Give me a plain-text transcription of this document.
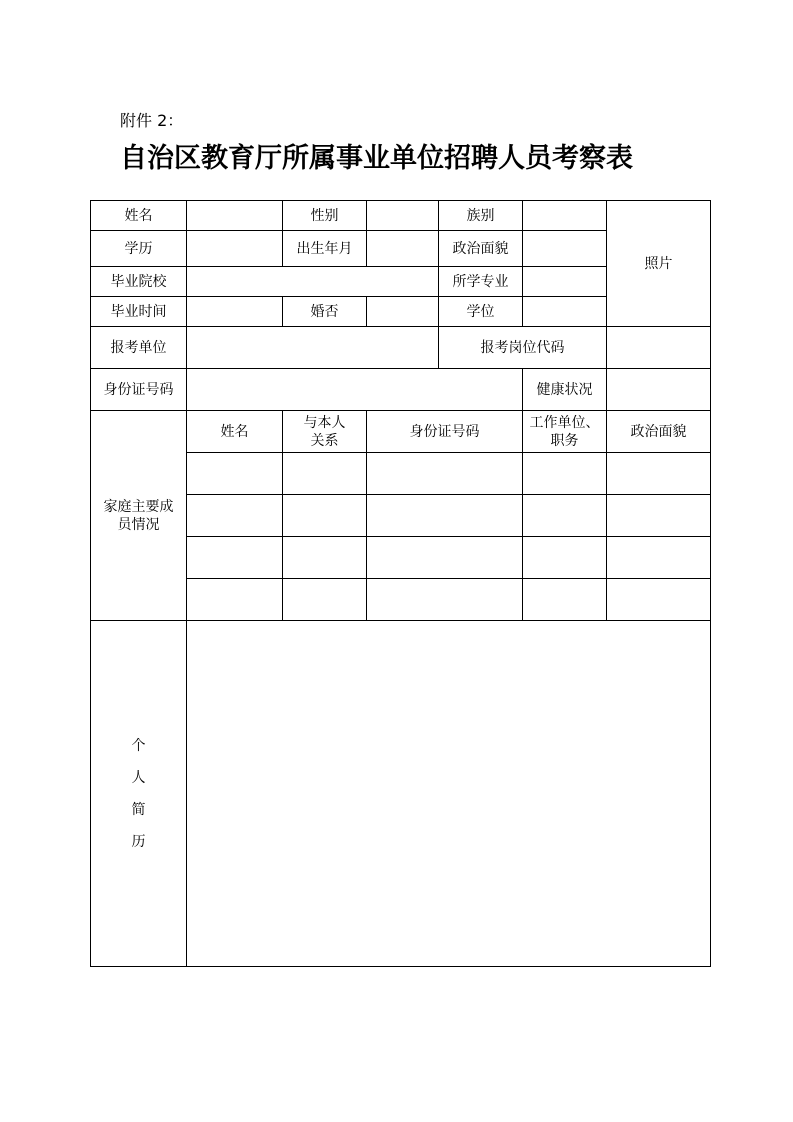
附件 2：
自治区教育厅所属事业单位招聘人员考察表
姓名		性别		族别		照片
学历		出生年月		政治面貌		
毕业院校				所学专业		
毕业时间		婚否		学位		
报考单位				报考岗位代码		
身份证号码					健康状况	

家庭主要成员情况	姓名	与本人关系	身份证号码		工作单位、职务	政治面貌

个
人
简
历						
